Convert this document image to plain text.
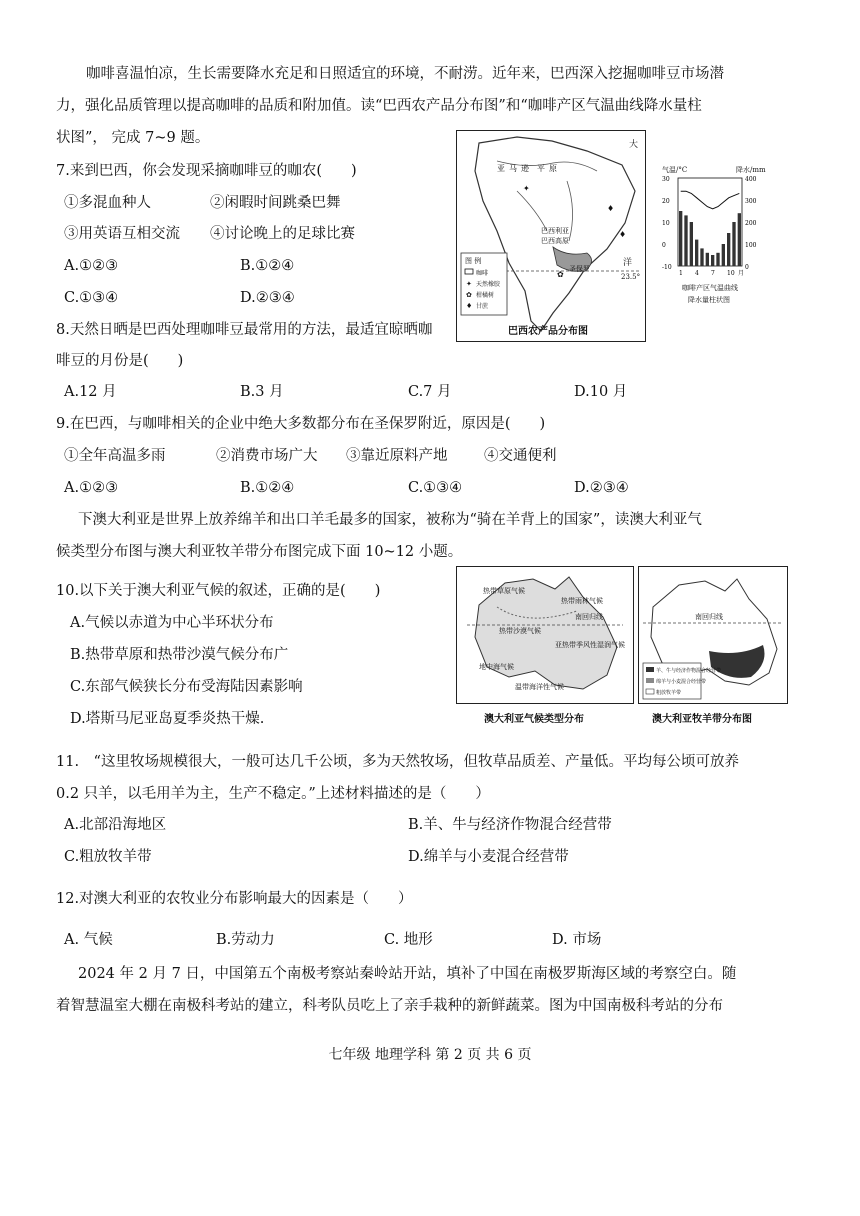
咖啡喜温怕凉，生长需要降水充足和日照适宜的环境，不耐涝。近年来，巴西深入挖掘咖啡豆市场潜
力，强化品质管理以提高咖啡的品质和附加值。读“巴西农产品分布图”和“咖啡产区气温曲线降水量柱
状图”， 完成 7~9 题。
7.来到巴西，你会发现采摘咖啡豆的咖农(　　)
①多混血种人	②闲暇时间跳桑巴舞
③用英语互相交流 ④讨论晚上的足球比赛
A.①②③	B.①②④
C.①③④	D.②③④
8.天然日晒是巴西处理咖啡豆最常用的方法，最适宜晾晒咖
啡豆的月份是(　　)
A.12 月	B.3 月	C.7 月	D.10 月
9.在巴西，与咖啡相关的企业中绝大多数都分布在圣保罗附近，原因是(　　)
①全年高温多雨	②消费市场广大 ③靠近原料产地	④交通便利
A.①②③	B.①②④	C.①③④	D.②③④
下澳大利亚是世界上放养绵羊和出口羊毛最多的国家，被称为“骑在羊背上的国家”，读澳大利亚气
候类型分布图与澳大利亚牧羊带分布图完成下面 10~12 小题。
10.以下关于澳大利亚气候的叙述，正确的是(　　)
A.气候以赤道为中心半环状分布
B.热带草原和热带沙漠气候分布广
C.东部气候狭长分布受海陆因素影响
D.塔斯马尼亚岛夏季炎热干燥.
11.　“这里牧场规模很大，一般可达几千公顷，多为天然牧场，但牧草品质差、产量低。平均每公顷可放养
0.2 只羊，以毛用羊为主，生产不稳定。”上述材料描述的是（　　）
A.北部沿海地区	B.羊、牛与经济作物混合经营带
C.粗放牧羊带	D.绵羊与小麦混合经营带
12.对澳大利亚的农牧业分布影响最大的因素是（　　）
A. 气候	B.劳动力	C. 地形	D. 市场
2024 年 2 月 7 日，中国第五个南极考察站秦岭站开站，填补了中国在南极罗斯海区域的考察空白。随
着智慧温室大棚在南极科考站的建立，科考队员吃上了亲手栽种的新鲜蔬菜。图为中国南极科考站的分布
七年级 地理学科 第 2 页 共 6 页
大
亚 马 逊 平 原
巴西利亚
巴西高原
圣保罗
洋
23.5°
图 例
咖啡
✦ 天然橡胶
✿ 柑橘树
♦ 甘蔗
✦
♦
♦
✿
巴西农产品分布图
气温/°C	降水/mm
30
20
10
0
-10
400
300
200
100
0
1 4 7 10 月
咖啡产区气温曲线
降水量柱状图
热带草原气候
热带雨林气候
南回归线
热带沙漠气候
亚热带季风性湿润气候
地中海气候
温带海洋性气候
澳大利亚气候类型分布
南回归线
羊、牛与经济作物混合经营带
绵羊与小麦混合经营带
粗放牧羊带
澳大利亚牧羊带分布图
